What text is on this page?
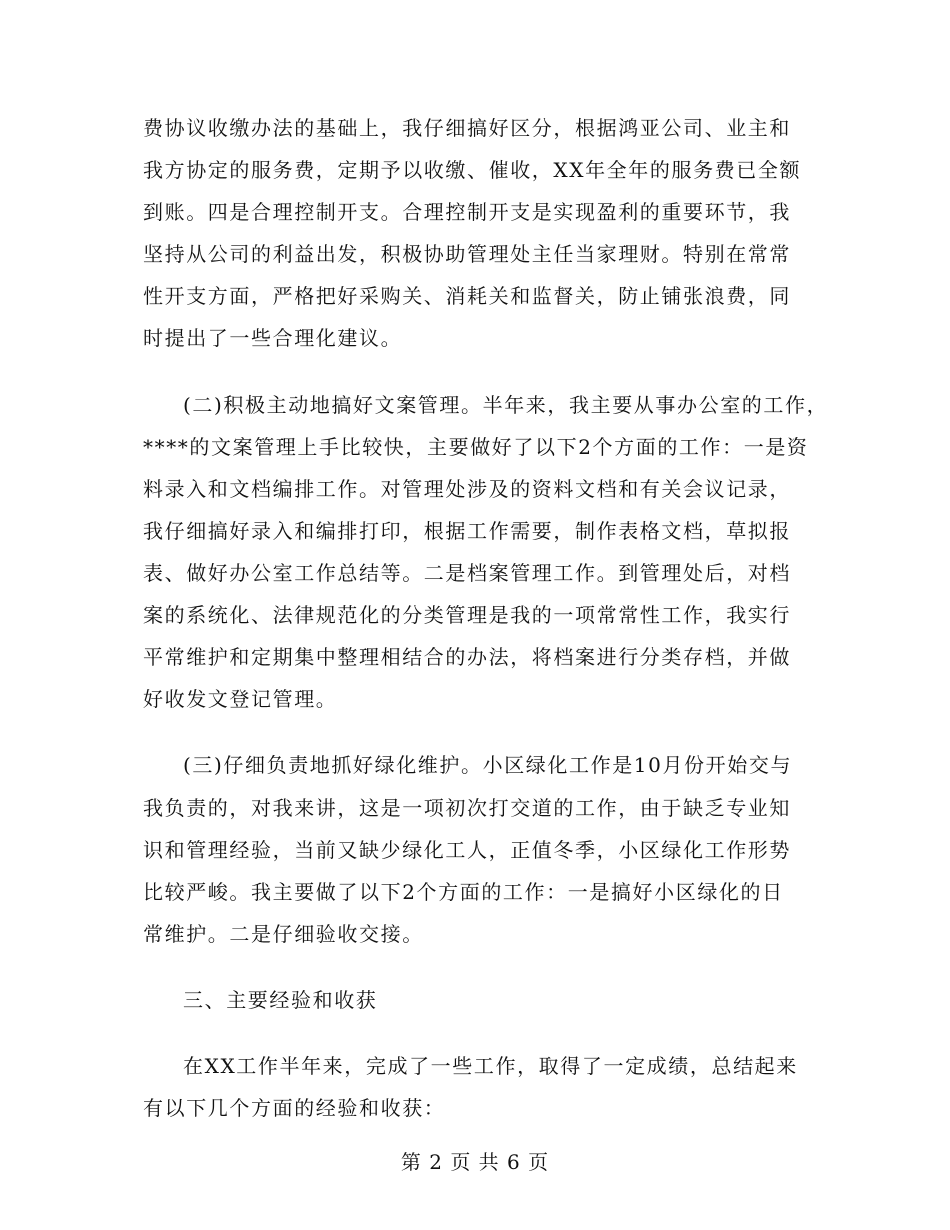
费协议收缴办法的基础上，我仔细搞好区分，根据鸿亚公司、业主和
我方协定的服务费，定期予以收缴、催收，XX年全年的服务费已全额
到账。四是合理控制开支。合理控制开支是实现盈利的重要环节，我
坚持从公司的利益出发，积极协助管理处主任当家理财。特别在常常
性开支方面，严格把好采购关、消耗关和监督关，防止铺张浪费，同
时提出了一些合理化建议。
(二)积极主动地搞好文案管理。半年来，我主要从事办公室的工作，
****的文案管理上手比较快，主要做好了以下2个方面的工作：一是资
料录入和文档编排工作。对管理处涉及的资料文档和有关会议记录，
我仔细搞好录入和编排打印，根据工作需要，制作表格文档，草拟报
表、做好办公室工作总结等。二是档案管理工作。到管理处后，对档
案的系统化、法律规范化的分类管理是我的一项常常性工作，我实行
平常维护和定期集中整理相结合的办法，将档案进行分类存档，并做
好收发文登记管理。
(三)仔细负责地抓好绿化维护。小区绿化工作是10月份开始交与
我负责的，对我来讲，这是一项初次打交道的工作，由于缺乏专业知
识和管理经验，当前又缺少绿化工人，正值冬季，小区绿化工作形势
比较严峻。我主要做了以下2个方面的工作：一是搞好小区绿化的日
常维护。二是仔细验收交接。
三、主要经验和收获
在XX工作半年来，完成了一些工作，取得了一定成绩，总结起来
有以下几个方面的经验和收获：
第 2 页 共 6 页
